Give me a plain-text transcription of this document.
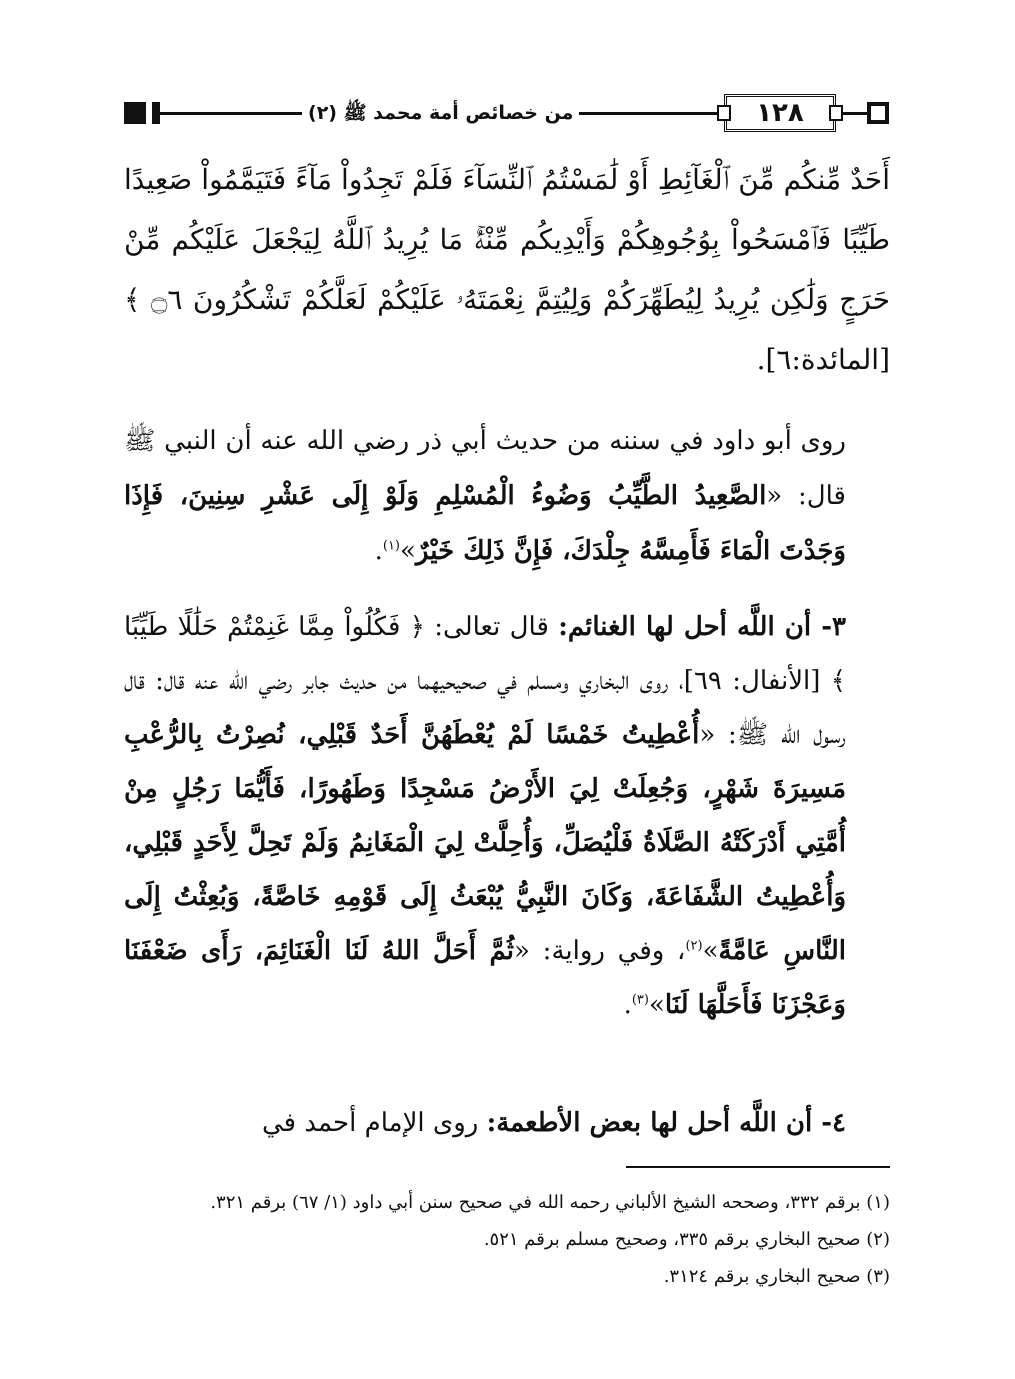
من خصائص أمة محمد ﷺ (٢)	١٢٨

أَحَدٌ مِّنكُم مِّنَ ٱلْغَآئِطِ أَوْ لَٰمَسْتُمُ ٱلنِّسَآءَ فَلَمْ تَجِدُواْ مَآءً فَتَيَمَّمُواْ صَعِيدًا طَيِّبًا فَٱمْسَحُواْ بِوُجُوهِكُمْ وَأَيْدِيكُم مِّنْهُۚ مَا يُرِيدُ ٱللَّهُ لِيَجْعَلَ عَلَيْكُم مِّنْ حَرَجٍ وَلَٰكِن يُرِيدُ لِيُطَهِّرَكُمْ وَلِيُتِمَّ نِعْمَتَهُۥ عَلَيْكُمْ لَعَلَّكُمْ تَشْكُرُونَ ۝٦ ﴾ [المائدة:٦].

روى أبو داود في سننه من حديث أبي ذر رضي الله عنه أن النبي ﷺ قال: «الصَّعِيدُ الطَّيِّبُ وَضُوءُ الْمُسْلِمِ وَلَوْ إِلَى عَشْرِ سِنِينَ، فَإِذَا وَجَدْتَ الْمَاءَ فَأَمِسَّهُ جِلْدَكَ، فَإِنَّ ذَلِكَ خَيْرٌ»$^{(١)}$.

٣- أن اللَّه أحل لها الغنائم: قال تعالى: ﴿ فَكُلُواْ مِمَّا غَنِمْتُمْ حَلَٰلًا طَيِّبًا ﴾ [الأنفال: ٦٩]، روى البخاري ومسلم في صحيحيهما من حديث جابر رضي الله عنه قال: قال رسول الله ﷺ: «أُعْطِيتُ خَمْسًا لَمْ يُعْطَهُنَّ أَحَدٌ قَبْلِي، نُصِرْتُ بِالرُّعْبِ مَسِيرَةَ شَهْرٍ، وَجُعِلَتْ لِيَ الأَرْضُ مَسْجِدًا وَطَهُورًا، فَأَيُّمَا رَجُلٍ مِنْ أُمَّتِي أَدْرَكَتْهُ الصَّلَاةُ فَلْيُصَلِّ، وَأُحِلَّتْ لِيَ الْمَغَانِمُ وَلَمْ تَحِلَّ لِأَحَدٍ قَبْلِي، وَأُعْطِيتُ الشَّفَاعَةَ، وَكَانَ النَّبِيُّ يُبْعَثُ إِلَى قَوْمِهِ خَاصَّةً، وَبُعِثْتُ إِلَى النَّاسِ عَامَّةً»$^{(٢)}$، وفي رواية: «ثُمَّ أَحَلَّ اللهُ لَنَا الْغَنَائِمَ، رَأَى ضَعْفَنَا وَعَجْزَنَا فَأَحَلَّهَا لَنَا»$^{(٣)}$.

٤- أن اللَّه أحل لها بعض الأطعمة: روى الإمام أحمد في

(١) برقم ٣٣٢، وصححه الشيخ الألباني رحمه الله في صحيح سنن أبي داود (١/ ٦٧) برقم ٣٢١.

(٢) صحيح البخاري برقم ٣٣٥، وصحيح مسلم برقم ٥٢١.

(٣) صحيح البخاري برقم ٣١٢٤.
